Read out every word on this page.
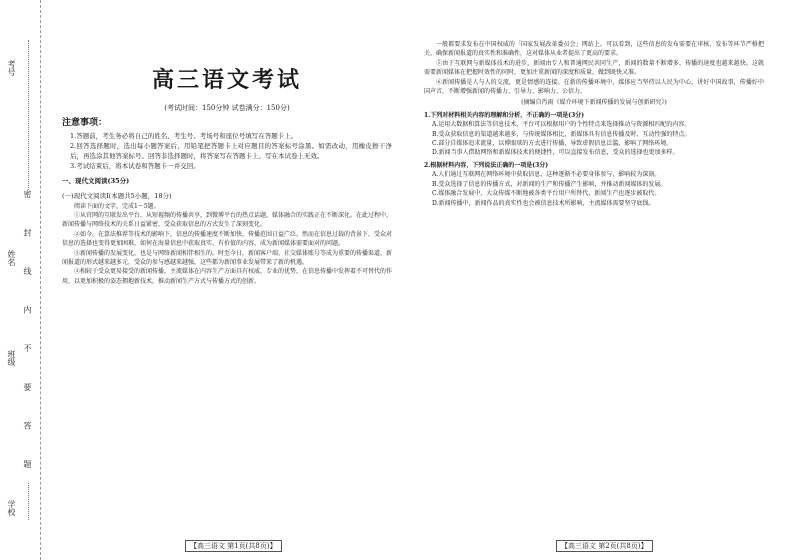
考号
姓名
班级
学校
密 封 线 内 不 要 答 题
高三语文考试
(考试时间：150分钟 试卷满分：150分)
注意事项：
1.答题前，考生务必将自己的姓名、考生号、考场号和座位号填写在答题卡上。
2.回答选择题时，选出每小题答案后，用铅笔把答题卡上对应题目的答案标号涂黑。如需改动，用橡皮擦干净后，再选涂其他答案标号。回答非选择题时，将答案写在答题卡上。写在本试卷上无效。
3.考试结束后，将本试卷和答题卡一并交回。
一、现代文阅读(35分)
(一)现代文阅读Ⅰ(本题共5小题，18分)
阅读下面的文字，完成1～5题。
①从官网的互联发出平台，从短视频的传播共享，到微博平台的热点话题，媒体融合的实践正在不断深化。在此过程中，新闻传播与网络技术的关系日益紧密，受众获取信息的方式发生了深刻变化。
②如今，在算法推荐等技术的影响下，信息的传播速度不断加快，传播范围日益广泛。然而在信息过载的背景下，受众对信息的选择也变得更加困难，如何在海量信息中获取真实、有价值的内容，成为新闻媒体需要面对的问题。
③新闻传播的发展变化，也是与网络新闻相伴相生的。时至今日，新闻客户端、社交媒体账号等成为重要的传播渠道，新闻报道的形式越来越多元，受众的参与感越来越强，这些都为新闻事业发展带来了新的机遇。
④相较于受众更易接受的新闻传播，主流媒体在内容生产方面具有权威、专业的优势，在信息传播中发挥着不可替代的作用，以更加积极的姿态拥抱新技术，推动新闻生产方式与传播方式的创新。
一般都要求发布在中国权威的「国家发展改革委员会」网站上。可以看到，这些信息的发布需要在审核、发布等环节严格把关，确保新闻报道的真实性和准确性，这对媒体从业者提出了更高的要求。
⑤由于互联网与新媒体技术的进步，新闻由专人和普通网民共同生产，新闻的数量不断增多，传播的速度也越来越快。这就需要新闻媒体在把握时效性的同时，更加注重新闻的深度和质量，做到既快又准。
⑥新闻传播是人与人的交流，更是情感的连接。在新的传播环境中，媒体应当坚持以人民为中心，讲好中国故事，传播好中国声音，不断增强新闻的传播力、引导力、影响力、公信力。
(摘编自肖雨《媒介环境下新闻传播的发展与创新研究》)
1.下列对材料相关内容的理解和分析，不正确的一项是(3分)
A.运用大数据和算法等信息技术，平台可以根据用户的个性特点来选择推动与资源相匹配的内容。
B.受众获取信息的渠道越来越多，与传统媒体相比，新媒体具有信息传播及时、互动性强的特点。
C.部分自媒体追求流量，以博眼球的方式进行传播，导致虚假信息泛滥，影响了网络环境。
D.新闻当事人借助网络和新媒体技术的便捷性，可以直接发布信息，受众的选择也更加多样。
2.根据材料内容，下列说法正确的一项是(3分)
A.人们通过互联网在网络环境中获取信息，这种逐渐不必要身体参与，影响较为深刻。
B.受众选择了信息的传播方式，对新闻的生产和传播产生影响，并推动新闻媒体的发展。
C.媒体融合发展中，大众传媒不断地被各类平台用户所替代，新闻生产也逐步被取代。
D.新闻传播中，新闻作品的真实性也会被信息技术所影响，主流媒体需要坚守底线。
【高三语文 第1页(共8页)】	【高三语文 第2页(共8页)】
